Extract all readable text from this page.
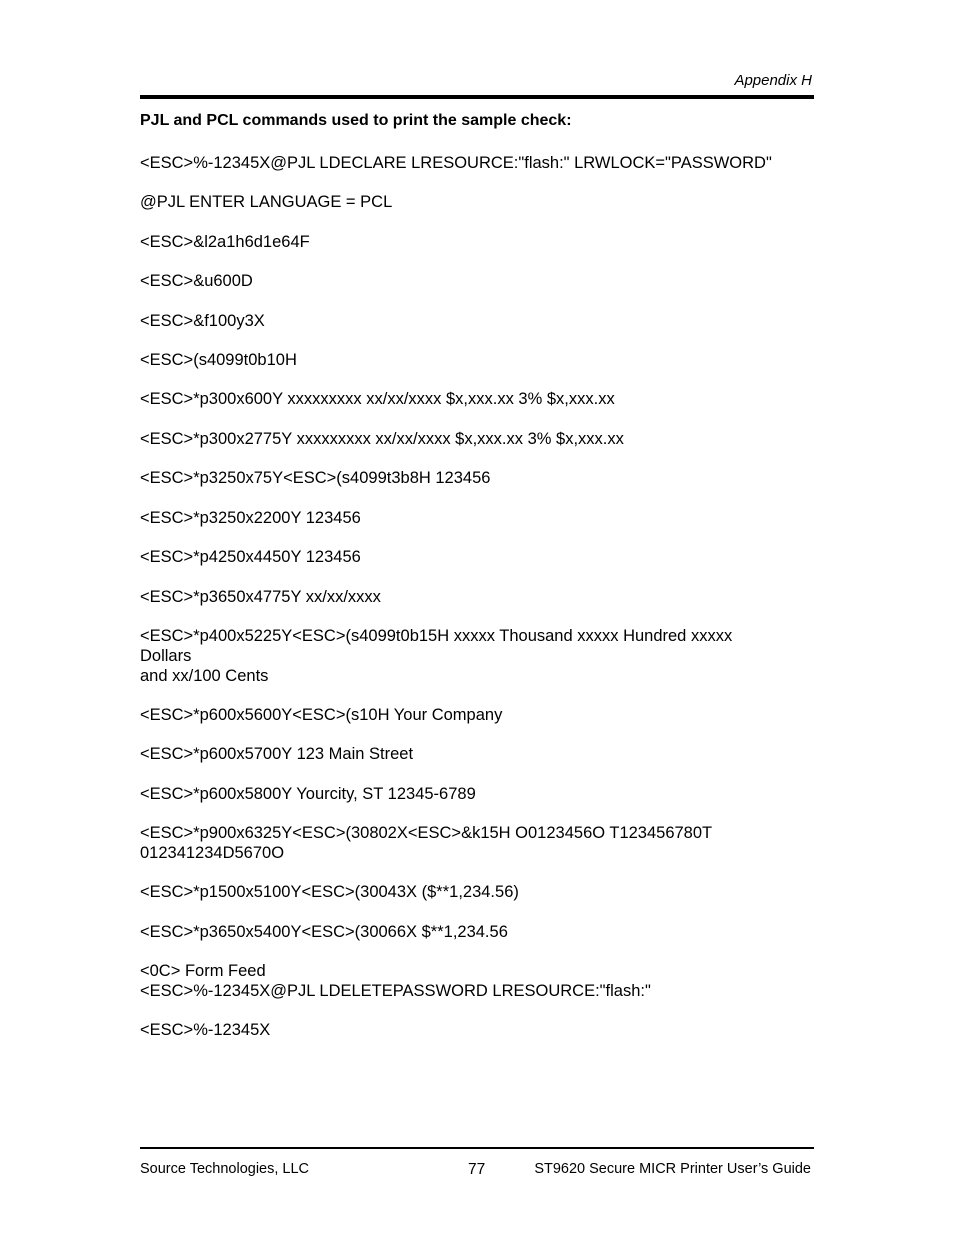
Appendix H
PJL and PCL commands used to print the sample check:
<ESC>%-12345X@PJL LDECLARE LRESOURCE:"flash:" LRWLOCK="PASSWORD"
@PJL ENTER LANGUAGE = PCL
<ESC>&l2a1h6d1e64F
<ESC>&u600D
<ESC>&f100y3X
<ESC>(s4099t0b10H
<ESC>*p300x600Y xxxxxxxxx xx/xx/xxxx $x,xxx.xx 3% $x,xxx.xx
<ESC>*p300x2775Y xxxxxxxxx xx/xx/xxxx $x,xxx.xx 3% $x,xxx.xx
<ESC>*p3250x75Y<ESC>(s4099t3b8H 123456
<ESC>*p3250x2200Y 123456
<ESC>*p4250x4450Y 123456
<ESC>*p3650x4775Y xx/xx/xxxx
<ESC>*p400x5225Y<ESC>(s4099t0b15H xxxxx Thousand xxxxx Hundred xxxxx
Dollars
and xx/100 Cents
<ESC>*p600x5600Y<ESC>(s10H Your Company
<ESC>*p600x5700Y 123 Main Street
<ESC>*p600x5800Y Yourcity, ST 12345-6789
<ESC>*p900x6325Y<ESC>(30802X<ESC>&k15H O0123456O T123456780T
012341234D5670O
<ESC>*p1500x5100Y<ESC>(30043X ($**1,234.56)
<ESC>*p3650x5400Y<ESC>(30066X $**1,234.56
<0C> Form Feed
<ESC>%-12345X@PJL LDELETEPASSWORD LRESOURCE:"flash:"
<ESC>%-12345X
Source Technologies, LLC	77	ST9620 Secure MICR Printer User’s Guide
